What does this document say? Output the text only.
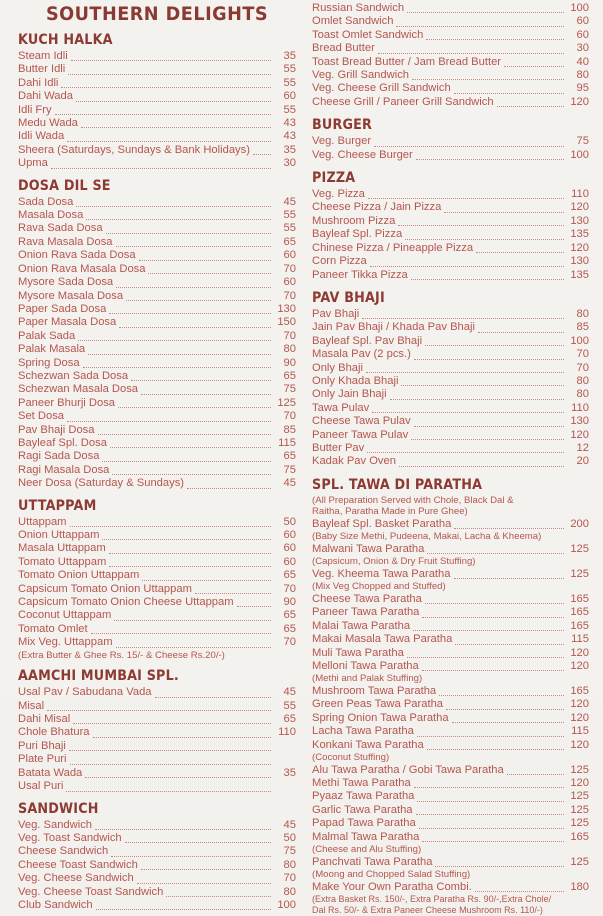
SOUTHERN DELIGHTS
KUCH HALKA
Steam Idli	35
Butter Idli	55
Dahi Idli	55
Dahi Wada	60
Idli Fry	55
Medu Wada	43
Idli Wada	43
Sheera (Saturdays, Sundays & Bank Holidays)	35
Upma	30
DOSA DIL SE
Sada Dosa	45
Masala Dosa	55
Rava Sada Dosa	55
Rava Masala Dosa	65
Onion Rava Sada Dosa	60
Onion Rava Masala Dosa	70
Mysore Sada Dosa	60
Mysore Masala Dosa	70
Paper Sada Dosa	130
Paper Masala Dosa	150
Palak Sada	70
Palak Masala	80
Spring Dosa	90
Schezwan Sada Dosa	65
Schezwan Masala Dosa	75
Paneer Bhurji Dosa	125
Set Dosa	70
Pav Bhaji Dosa	85
Bayleaf Spl. Dosa	115
Ragi Sada Dosa	65
Ragi Masala Dosa	75
Neer Dosa (Saturday & Sundays)	45
UTTAPPAM
Uttappam	50
Onion Uttappam	60
Masala Uttappam	60
Tomato Uttappam	60
Tomato Onion Uttappam	65
Capsicum Tomato Onion Uttappam	70
Capsicum Tomato Onion Cheese Uttappam	90
Coconut Uttappam	65
Tomato Omlet	65
Mix Veg. Uttappam	70
(Extra Butter & Ghee Rs. 15/- & Cheese Rs.20/-)
AAMCHI MUMBAI SPL.
Usal Pav / Sabudana Vada	45
Misal	55
Dahi Misal	65
Chole Bhatura	110
Puri Bhaji
Plate Puri
Batata Wada	35
Usal Puri
SANDWICH
Veg. Sandwich	45
Veg. Toast Sandwich	50
Cheese Sandwich	75
Cheese Toast Sandwich	80
Veg. Cheese Sandwich	70
Veg. Cheese Toast Sandwich	80
Club Sandwich	100
Russian Sandwich	100
Omlet Sandwich	60
Toast Omlet Sandwich	60
Bread Butter	30
Toast Bread Butter / Jam Bread Butter	40
Veg. Grill Sandwich	80
Veg. Cheese Grill Sandwich	95
Cheese Grill / Paneer Grill Sandwich	120
BURGER
Veg. Burger	75
Veg. Cheese Burger	100
PIZZA
Veg. Pizza	110
Cheese Pizza / Jain Pizza	120
Mushroom Pizza	130
Bayleaf Spl. Pizza	135
Chinese Pizza / Pineapple Pizza	120
Corn Pizza	130
Paneer Tikka Pizza	135
PAV BHAJI
Pav Bhaji	80
Jain Pav Bhaji / Khada Pav Bhaji	85
Bayleaf Spl. Pav Bhaji	100
Masala Pav (2 pcs.)	70
Only Bhaji	70
Only Khada Bhaji	80
Only Jain Bhaji	80
Tawa Pulav	110
Cheese Tawa Pulav	130
Paneer Tawa Pulav	120
Butter Pav	12
Kadak Pav Oven	20
SPL. TAWA DI PARATHA
(All Preparation Served with Chole, Black Dal &
Raitha, Paratha Made in Pure Ghee)
Bayleaf Spl. Basket Paratha	200
(Baby Size Methi, Pudeena, Makai, Lacha & Kheema)
Malwani Tawa Paratha	125
(Capsicum, Onion & Dry Fruit Stuffing)
Veg. Kheema Tawa Paratha	125
(Mix Veg Chopped and Stuffed)
Cheese Tawa Paratha	165
Paneer Tawa Paratha	165
Malai Tawa Paratha	165
Makai Masala Tawa Paratha	115
Muli Tawa Paratha	120
Melloni Tawa Paratha	120
(Methi and Palak Stuffing)
Mushroom Tawa Paratha	165
Green Peas Tawa Paratha	120
Spring Onion Tawa Paratha	120
Lacha Tawa Paratha	115
Konkani Tawa Paratha	120
(Coconut Stuffing)
Alu Tawa Paratha / Gobi Tawa Paratha	125
Methi Tawa Paratha	120
Pyaaz Tawa Paratha	125
Garlic Tawa Paratha	125
Papad Tawa Paratha	125
Malmal Tawa Paratha	165
(Cheese and Alu Stuffing)
Panchvati Tawa Paratha	125
(Moong and Chopped Salad Stuffing)
Make Your Own Paratha Combi.	180
(Extra Basket Rs. 150/-, Extra Paratha Rs. 90/-,Extra Chole/
Dal Rs. 50/- & Extra Paneer Cheese Mushroom Rs. 110/-)
